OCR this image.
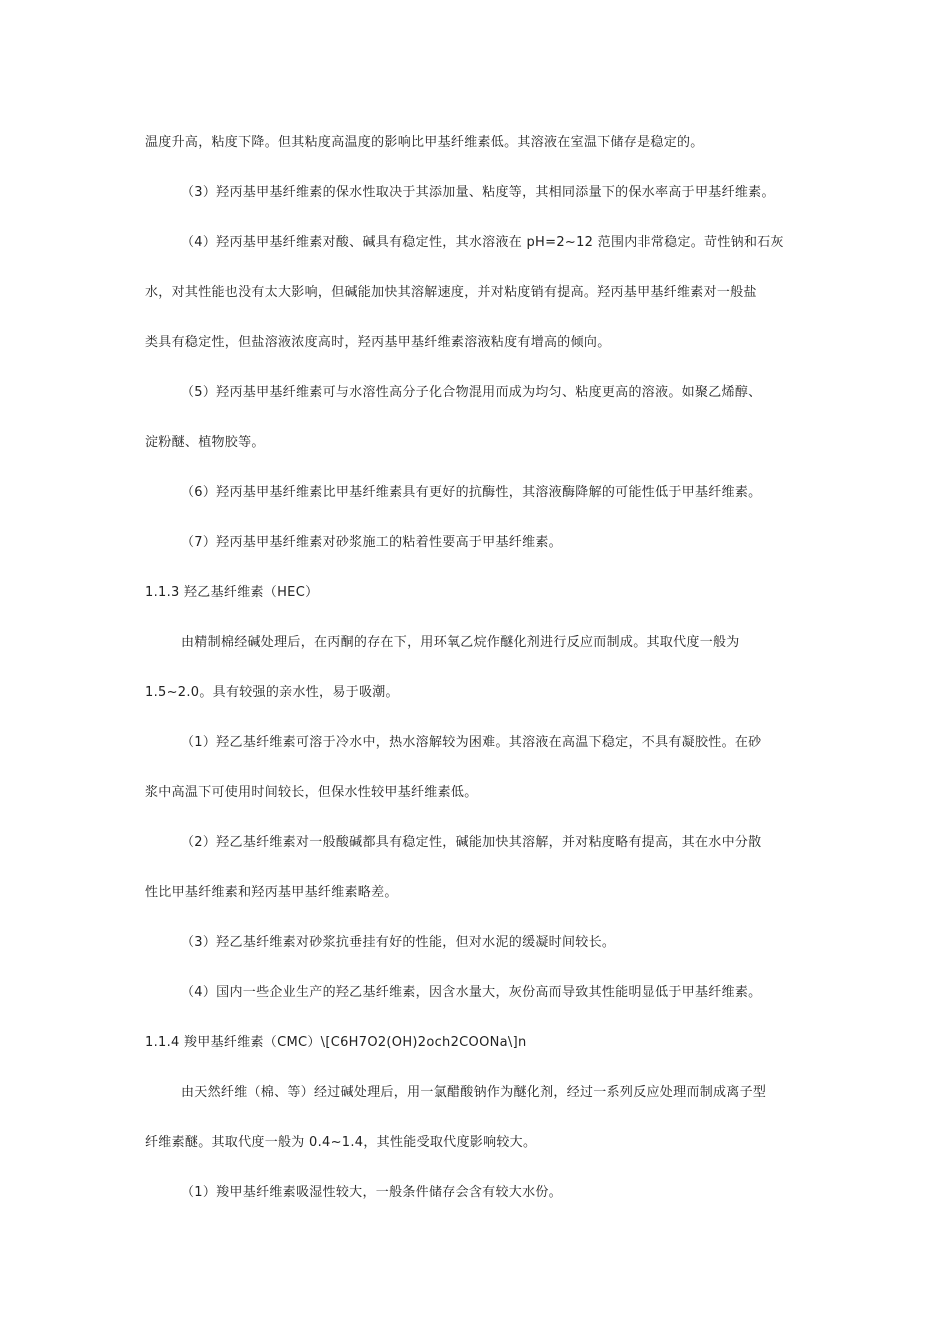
温度升高，粘度下降。但其粘度高温度的影响比甲基纤维素低。其溶液在室温下储存是稳定的。
（3）羟丙基甲基纤维素的保水性取决于其添加量、粘度等，其相同添量下的保水率高于甲基纤维素。
（4）羟丙基甲基纤维素对酸、碱具有稳定性，其水溶液在 pH=2~12 范围内非常稳定。苛性钠和石灰
水，对其性能也没有太大影响，但碱能加快其溶解速度，并对粘度销有提高。羟丙基甲基纤维素对一般盐
类具有稳定性，但盐溶液浓度高时，羟丙基甲基纤维素溶液粘度有增高的倾向。
（5）羟丙基甲基纤维素可与水溶性高分子化合物混用而成为均匀、粘度更高的溶液。如聚乙烯醇、
淀粉醚、植物胶等。
（6）羟丙基甲基纤维素比甲基纤维素具有更好的抗酶性，其溶液酶降解的可能性低于甲基纤维素。
（7）羟丙基甲基纤维素对砂浆施工的粘着性要高于甲基纤维素。
1.1.3 羟乙基纤维素（HEC）
由精制棉经碱处理后，在丙酮的存在下，用环氧乙烷作醚化剂进行反应而制成。其取代度一般为
1.5~2.0。具有较强的亲水性，易于吸潮。
（1）羟乙基纤维素可溶于冷水中，热水溶解较为困难。其溶液在高温下稳定，不具有凝胶性。在砂
浆中高温下可使用时间较长，但保水性较甲基纤维素低。
（2）羟乙基纤维素对一般酸碱都具有稳定性，碱能加快其溶解，并对粘度略有提高，其在水中分散
性比甲基纤维素和羟丙基甲基纤维素略差。
（3）羟乙基纤维素对砂浆抗垂挂有好的性能，但对水泥的缓凝时间较长。
（4）国内一些企业生产的羟乙基纤维素，因含水量大，灰份高而导致其性能明显低于甲基纤维素。
1.1.4 羧甲基纤维素（CMC）\[C6H7O2(OH)2och2COONa\]n
由天然纤维（棉、等）经过碱处理后，用一氯醋酸钠作为醚化剂，经过一系列反应处理而制成离子型
纤维素醚。其取代度一般为 0.4~1.4，其性能受取代度影响较大。
（1）羧甲基纤维素吸湿性较大，一般条件储存会含有较大水份。
